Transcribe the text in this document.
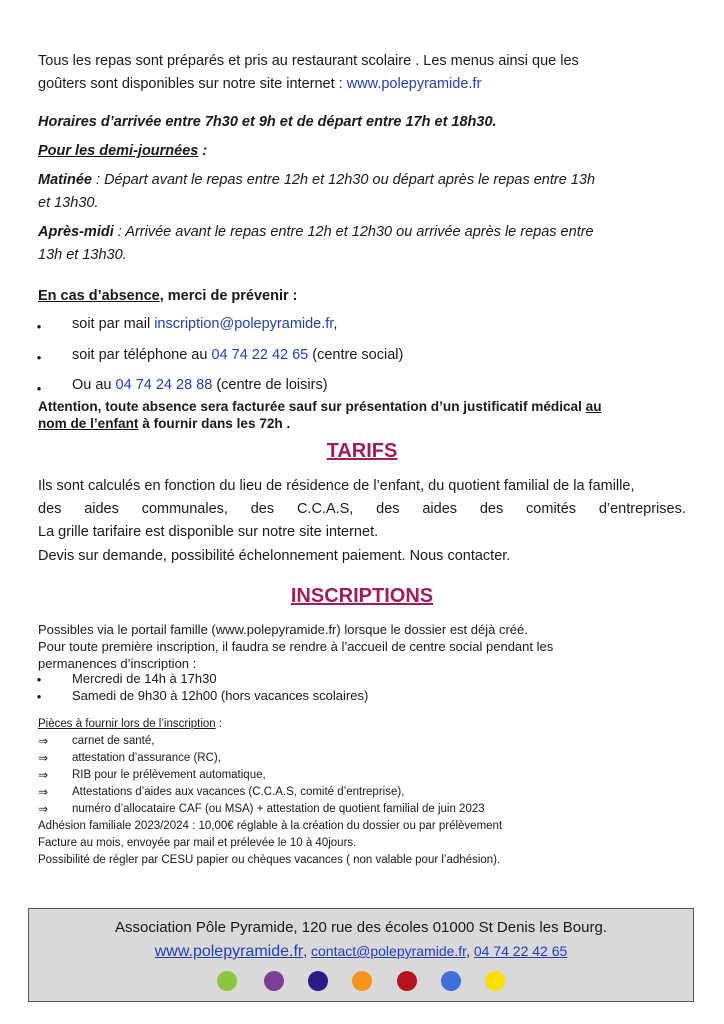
Tous les repas sont préparés et pris au restaurant scolaire . Les menus ainsi que les
goûters sont disponibles sur notre site internet : www.polepyramide.fr
Horaires d’arrivée entre 7h30 et 9h et de départ entre 17h et 18h30.
Pour les demi-journées :
Matinée : Départ avant le repas entre 12h et 12h30 ou départ après le repas entre 13h
et 13h30.
Après-midi : Arrivée avant le repas entre 12h et 12h30 ou arrivée après le repas entre
13h et 13h30.
En cas d’absence, merci de prévenir :
• soit par mail inscription@polepyramide.fr,
• soit par téléphone au 04 74 22 42 65 (centre social)
• Ou au 04 74 24 28 88 (centre de loisirs)
Attention, toute absence sera facturée sauf sur présentation d’un justificatif médical au
nom de l’enfant à fournir dans les 72h .
TARIFS
Ils sont calculés en fonction du lieu de résidence de l’enfant, du quotient familial de la famille,
des aides communales, des C.C.A.S, des aides des comités d’entreprises.
La grille tarifaire est disponible sur notre site internet.
Devis sur demande, possibilité échelonnement paiement. Nous contacter.
INSCRIPTIONS
Possibles via le portail famille (www.polepyramide.fr) lorsque le dossier est déjà créé.
Pour toute première inscription, il faudra se rendre à l’accueil de centre social pendant les
permanences d’inscription :
• Mercredi de 14h à 17h30
• Samedi de 9h30 à 12h00 (hors vacances scolaires)
Pièces à fournir lors de l’inscription :
⇒	carnet de santé,
⇒	attestation d’assurance (RC),
⇒	RIB pour le prélèvement automatique,
⇒	Attestations d’aides aux vacances (C.C.A.S, comité d’entreprise),
⇒	numéro d’allocataire CAF (ou MSA) + attestation de quotient familial de juin 2023
Adhésion familiale 2023/2024 : 10,00€ réglable à la création du dossier ou par prélèvement
Facture au mois, envoyée par mail et prélevée le 10 à 40jours.
Possibilité de régler par CESU papier ou chèques vacances ( non valable pour l’adhésion).
Association Pôle Pyramide, 120 rue des écoles 01000 St Denis les Bourg.
www.polepyramide.fr, contact@polepyramide.fr, 04 74 22 42 65
